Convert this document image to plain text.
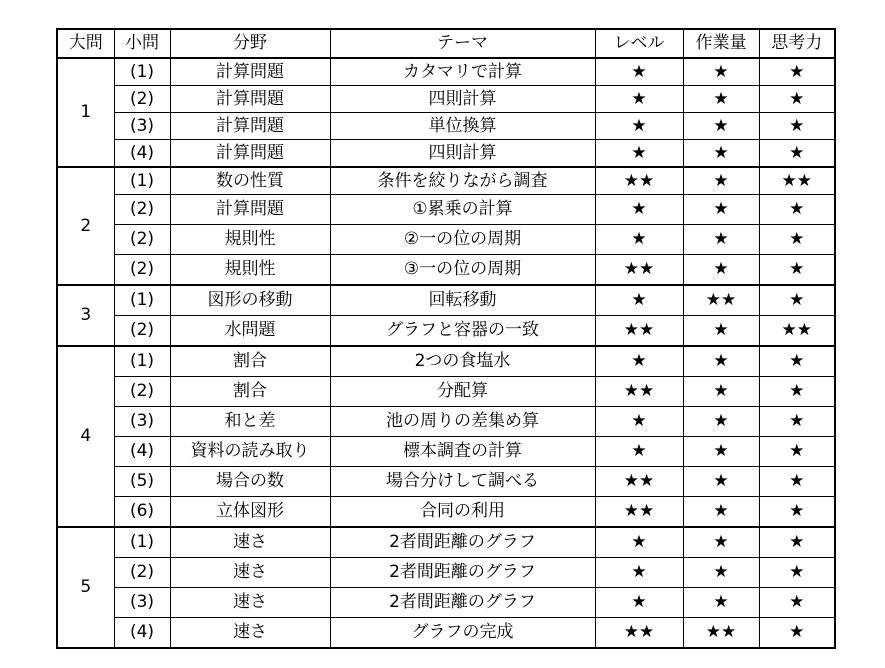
大問	小問	分野	テーマ	レベル	作業量	思考力
1	(1)	計算問題	カタマリで計算	★	★	★
	(2)	計算問題	四則計算	★	★	★
	(3)	計算問題	単位換算	★	★	★
	(4)	計算問題	四則計算	★	★	★
2	(1)	数の性質	条件を絞りながら調査	★★	★	★★
	(2)	計算問題	①累乗の計算	★	★	★
	(2)	規則性	②一の位の周期	★	★	★
	(2)	規則性	③一の位の周期	★★	★	★
3	(1)	図形の移動	回転移動	★	★★	★
	(2)	水問題	グラフと容器の一致	★★	★	★★
4	(1)	割合	2つの食塩水	★	★	★
	(2)	割合	分配算	★★	★	★
	(3)	和と差	池の周りの差集め算	★	★	★
	(4)	資料の読み取り	標本調査の計算	★	★	★
	(5)	場合の数	場合分けして調べる	★★	★	★
	(6)	立体図形	合同の利用	★★	★	★
5	(1)	速さ	2者間距離のグラフ	★	★	★
	(2)	速さ	2者間距離のグラフ	★	★	★
	(3)	速さ	2者間距離のグラフ	★	★	★
	(4)	速さ	グラフの完成	★★	★★	★
